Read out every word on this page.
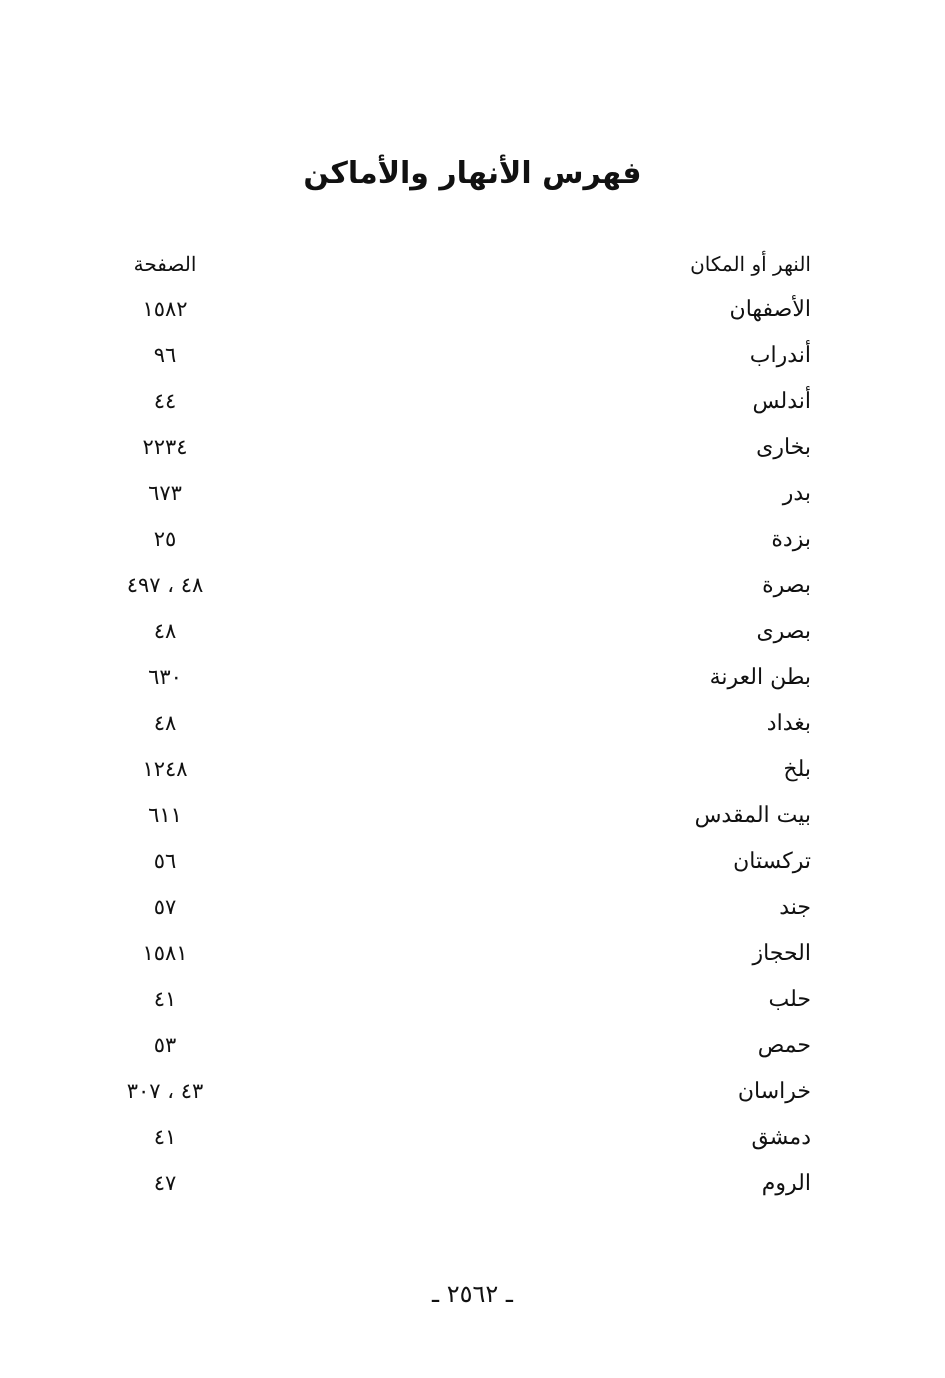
فهرس الأنهار والأماكن
النهر أو المكان
الصفحة
الأصفهان
١٥٨٢
أندراب
٩٦
أندلس
٤٤
بخارى
٢٢٣٤
بدر
٦٧٣
بزدة
٢٥
بصرة
٤٨ ، ٤٩٧
بصرى
٤٨
بطن العرنة
٦٣٠
بغداد
٤٨
بلخ
١٢٤٨
بيت المقدس
٦١١
تركستان
٥٦
جند
٥٧
الحجاز
١٥٨١
حلب
٤١
حمص
٥٣
خراسان
٤٣ ، ٣٠٧
دمشق
٤١
الروم
٤٧
ـ ٢٥٦٢ ـ
